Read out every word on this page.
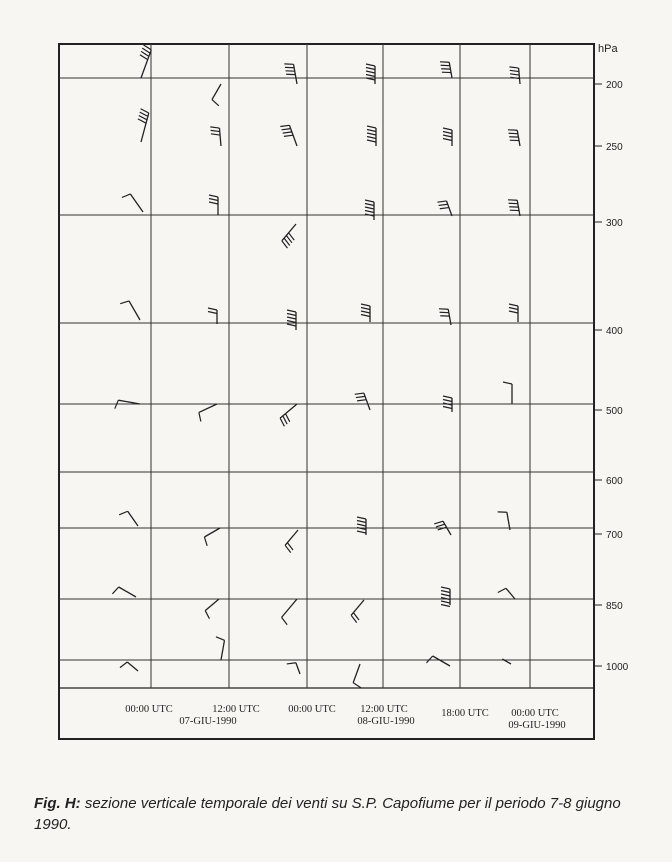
hPa
200
250
300
400
500
600
700
850
1000
00:00 UTC	12:00 UTC
07-GIU-1990
00:00 UTC 12:00 UTC
08-GIU-1990
18:00 UTC 00:00 UTC
09-GIU-1990
Fig. H: sezione verticale temporale dei venti su S.P. Capofiume per il periodo 7-8 giugno 1990.
